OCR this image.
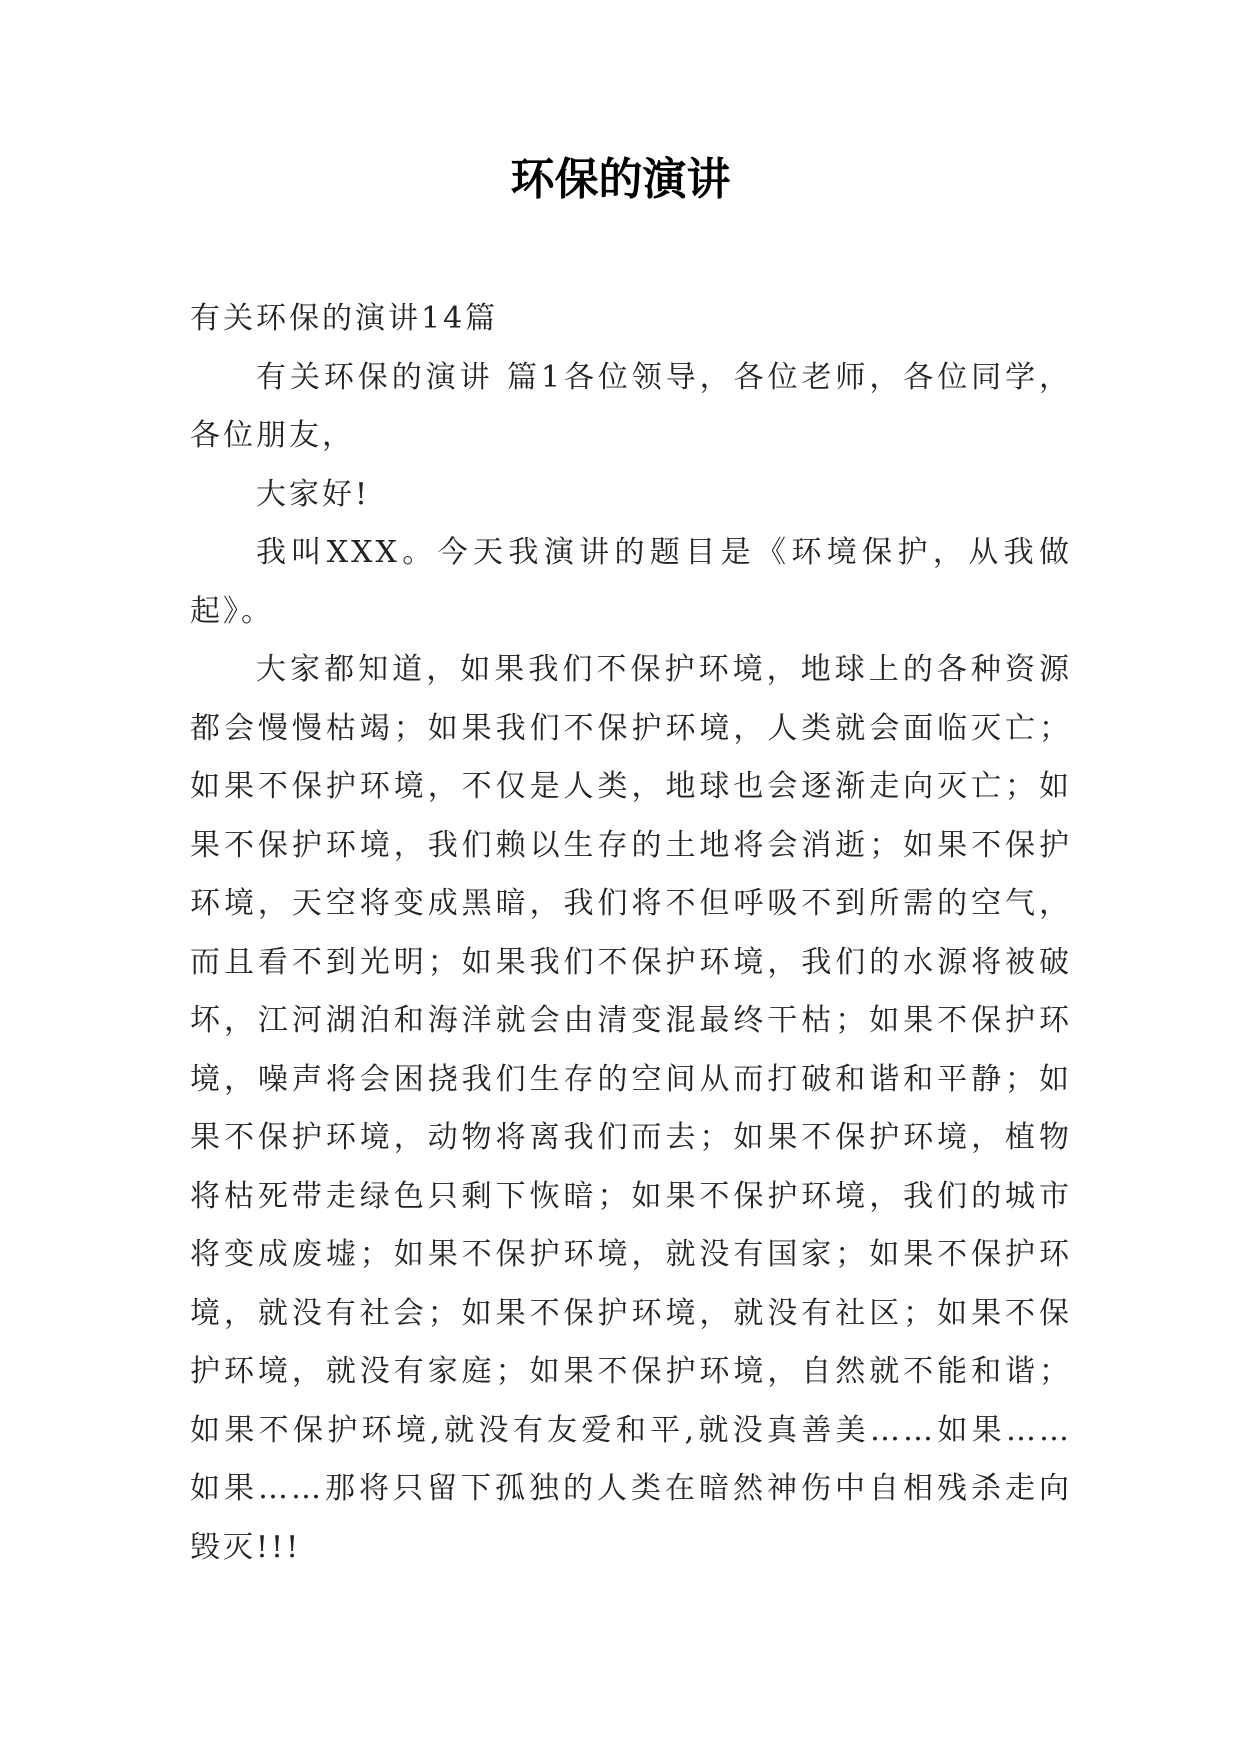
环保的演讲

有关环保的演讲14篇

有关环保的演讲 篇1各位领导，各位老师，各位同学，各位朋友，

大家好!

我叫XXX。今天我演讲的题目是《环境保护，从我做起》。

大家都知道，如果我们不保护环境，地球上的各种资源都会慢慢枯竭；如果我们不保护环境，人类就会面临灭亡；如果不保护环境，不仅是人类，地球也会逐渐走向灭亡；如果不保护环境，我们赖以生存的土地将会消逝；如果不保护环境，天空将变成黑暗，我们将不但呼吸不到所需的空气，而且看不到光明；如果我们不保护环境，我们的水源将被破坏，江河湖泊和海洋就会由清变混最终干枯；如果不保护环境，噪声将会困挠我们生存的空间从而打破和谐和平静；如果不保护环境，动物将离我们而去；如果不保护环境，植物将枯死带走绿色只剩下恢暗；如果不保护环境，我们的城市将变成废墟；如果不保护环境，就没有国家；如果不保护环境，就没有社会；如果不保护环境，就没有社区；如果不保护环境，就没有家庭；如果不保护环境，自然就不能和谐；如果不保护环境,就没有友爱和平,就没真善美……如果……如果……那将只留下孤独的人类在暗然神伤中自相残杀走向毁灭!!!
